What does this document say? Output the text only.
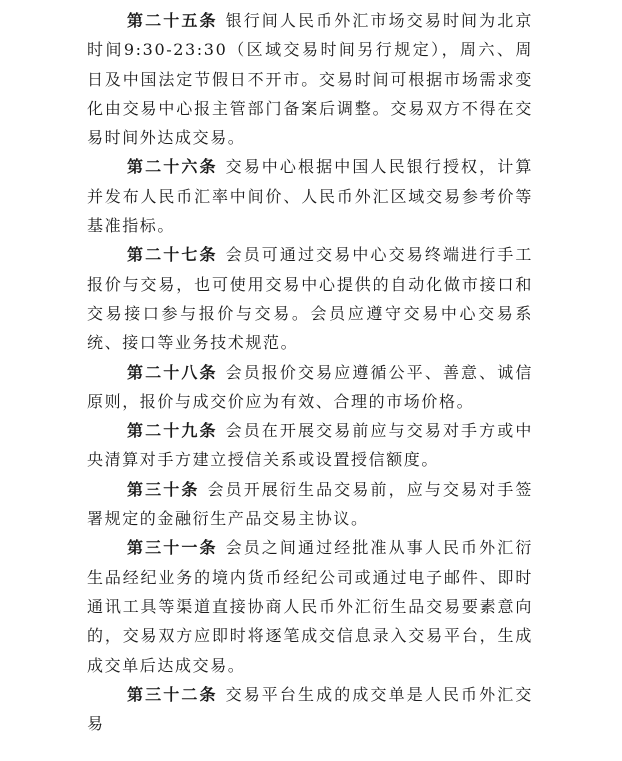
第二十五条 银行间人民币外汇市场交易时间为北京时间9:30-23:30（区域交易时间另行规定），周六、周日及中国法定节假日不开市。交易时间可根据市场需求变化由交易中心报主管部门备案后调整。交易双方不得在交易时间外达成交易。

第二十六条 交易中心根据中国人民银行授权，计算并发布人民币汇率中间价、人民币外汇区域交易参考价等基准指标。

第二十七条 会员可通过交易中心交易终端进行手工报价与交易，也可使用交易中心提供的自动化做市接口和交易接口参与报价与交易。会员应遵守交易中心交易系统、接口等业务技术规范。

第二十八条 会员报价交易应遵循公平、善意、诚信原则，报价与成交价应为有效、合理的市场价格。

第二十九条 会员在开展交易前应与交易对手方或中央清算对手方建立授信关系或设置授信额度。

第三十条 会员开展衍生品交易前，应与交易对手签署规定的金融衍生产品交易主协议。

第三十一条 会员之间通过经批准从事人民币外汇衍生品经纪业务的境内货币经纪公司或通过电子邮件、即时通讯工具等渠道直接协商人民币外汇衍生品交易要素意向的，交易双方应即时将逐笔成交信息录入交易平台，生成成交单后达成交易。

第三十二条 交易平台生成的成交单是人民币外汇交易
